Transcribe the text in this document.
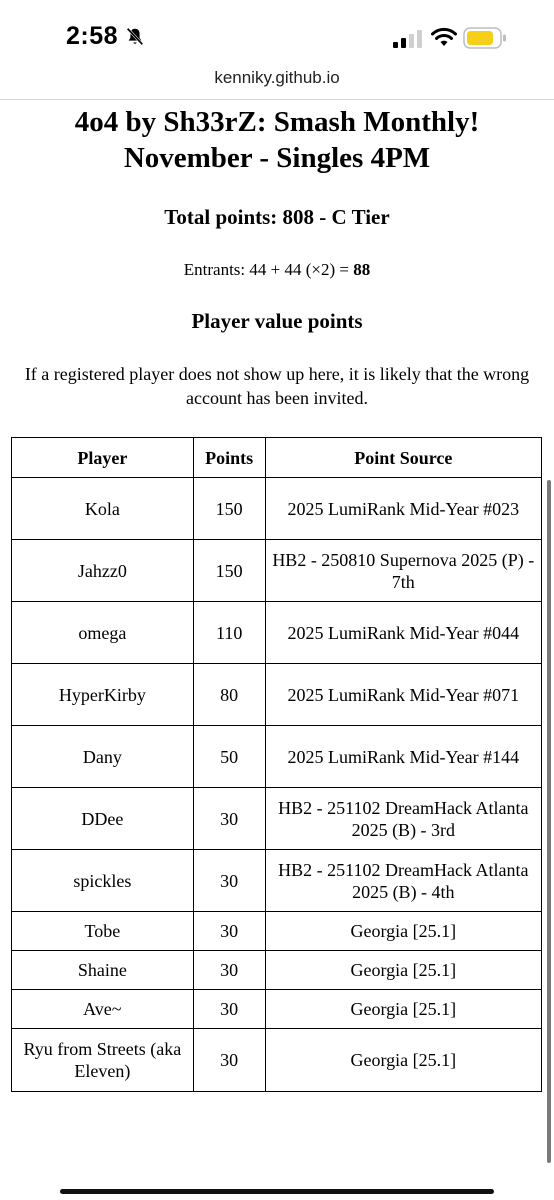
2:58
kenniky.github.io
4o4 by Sh33rZ: Smash Monthly!
November - Singles 4PM
Total points: 808 - C Tier
Entrants: 44 + 44 (×2) = 88
Player value points
If a registered player does not show up here, it is likely that the wrong account has been invited.
Player	Points	Point Source
Kola	150	2025 LumiRank Mid-Year #023
Jahzz0	150	HB2 - 250810 Supernova 2025 (P) - 7th
omega	110	2025 LumiRank Mid-Year #044
HyperKirby	80	2025 LumiRank Mid-Year #071
Dany	50	2025 LumiRank Mid-Year #144
DDee	30	HB2 - 251102 DreamHack Atlanta 2025 (B) - 3rd
spickles	30	HB2 - 251102 DreamHack Atlanta 2025 (B) - 4th
Tobe	30	Georgia [25.1]
Shaine	30	Georgia [25.1]
Ave~	30	Georgia [25.1]
Ryu from Streets (aka Eleven)	30	Georgia [25.1]
